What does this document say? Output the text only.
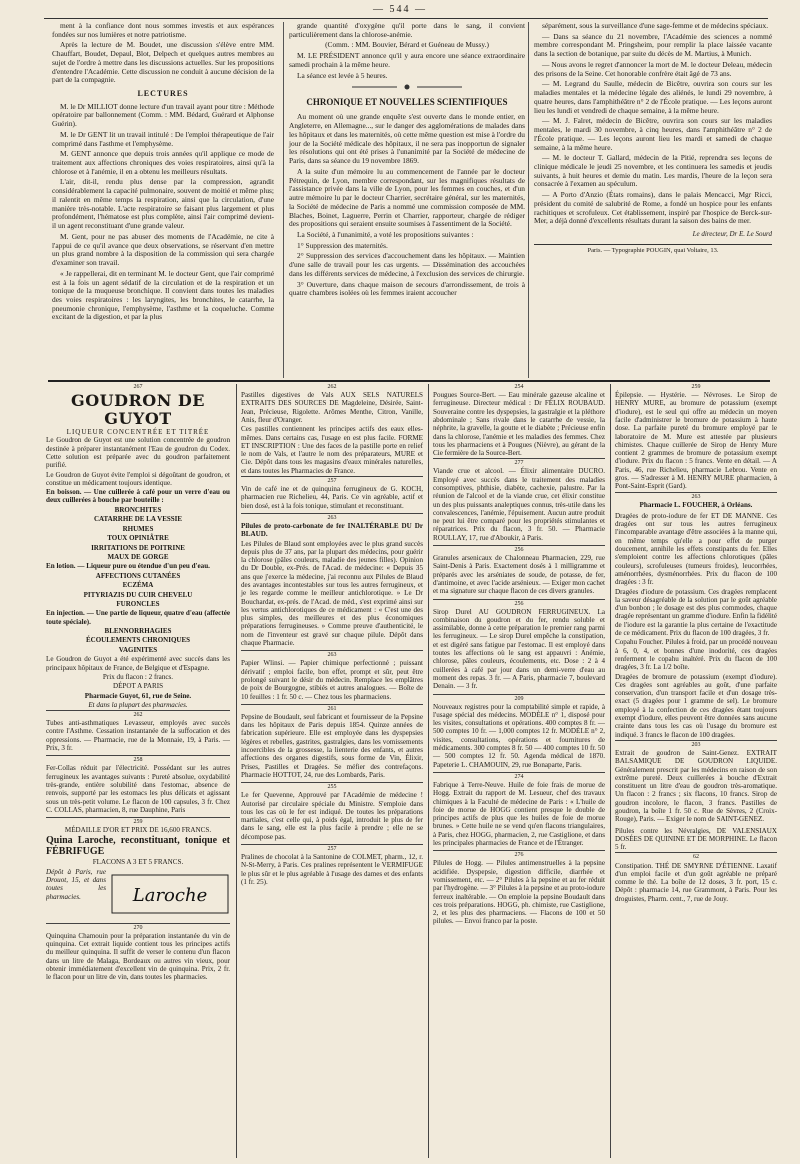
— 544 —

ment à la confiance dont nous sommes investis et aux espérances fondées sur nos lumières et notre patriotisme.

Après la lecture de M. Boudet, une discussion s'élève entre MM. Chauffart, Boudet, Depaul, Blot, Delpech et quelques autres membres au sujet de l'ordre à mettre dans les discussions actuelles. Sur les propositions d'entendre l'Académie. Cette discussion ne conduit à aucune décision de la part de la compagnie.

LECTURES

M. le Dr MILLIOT donne lecture d'un travail ayant pour titre : Méthode opératoire par ballonnement (Comm. : MM. Bédard, Guérard et Alphonse Guérin).

M. le Dr GENT lit un travail intitulé : De l'emploi thérapeutique de l'air comprimé dans l'asthme et l'emphysème.

M. GENT annonce que depuis trois années qu'il applique ce mode de traitement aux affections chroniques des voies respiratoires, ainsi qu'à la chlorose et à l'anémie, il en a obtenu les meilleurs résultats.

L'air, dit-il, rendu plus dense par la compression, agrandit considérablement la capacité pulmonaire, souvent de moitié et même plus; il ralentit en même temps la respiration, ainsi que la circulation, d'une manière très-notable. L'acte respiratoire se faisant plus largement et plus profondément, l'hématose est plus complète, ainsi l'air comprimé devient-il un agent reconstituant d'une grande valeur.

M. Gent, pour ne pas abuser des moments de l'Académie, ne cite à l'appui de ce qu'il avance que deux observations, se réservant d'en mettre un plus grand nombre à la disposition de la commission qui sera chargée d'examiner son travail.

« Je rappellerai, dit en terminant M. le docteur Gent, que l'air comprimé est à la fois un agent sédatif de la circulation et de la respiration et un tonique de la muqueuse bronchique. Il convient dans toutes les maladies des voies respiratoires : les laryngites, les bronchites, le catarrhe, la pneumonie chronique, l'emphysème, l'asthme et la coqueluche. Comme excitant de la digestion, et par la plus

grande quantité d'oxygène qu'il porte dans le sang, il convient particulièrement dans la chlorose-anémie.

(Comm. : MM. Bouvier, Bérard et Guéneau de Mussy.)

M. LE PRÉSIDENT annonce qu'il y aura encore une séance extraordinaire samedi prochain à la même heure.

La séance est levée à 5 heures.

CHRONIQUE ET NOUVELLES SCIENTIFIQUES

Au moment où une grande enquête s'est ouverte dans le monde entier, en Angleterre, en Allemagne..., sur le danger des agglomérations de malades dans les hôpitaux et dans les maternités, où cette même question est mise à l'ordre du jour de la Société médicale des hôpitaux, il ne sera pas inopportun de signaler les résolutions qui ont été prises à l'unanimité par la Société de médecine de Paris, dans sa séance du 19 novembre 1869.

A la suite d'un mémoire lu au commencement de l'année par le docteur Pétrequin, de Lyon, membre correspondant, sur les magnifiques résultats de l'assistance privée dans la ville de Lyon, pour les femmes en couches, et d'un autre mémoire lu par le docteur Charrier, secrétaire général, sur les maternités, la Société de médecine de Paris a nommé une commission composée de MM. Blaches, Boinet, Laguerre, Perrin et Charrier, rapporteur, chargée de rédiger des propositions qui seraient ensuite soumises à l'assentiment de la Société.

La Société, à l'unanimité, a voté les propositions suivantes :

1° Suppression des maternités.

2° Suppression des services d'accouchement dans les hôpitaux. — Maintien d'une salle de travail pour les cas urgents. — Dissémination des accouchées dans les différents services de médecine, à l'exclusion des services de chirurgie.

3° Ouverture, dans chaque maison de secours d'arrondissement, de trois à quatre chambres isolées où les femmes iraient accoucher

séparément, sous la surveillance d'une sage-femme et de médecins spéciaux.

— Dans sa séance du 21 novembre, l'Académie des sciences a nommé membre correspondant M. Pringsheim, pour remplir la place laissée vacante dans la section de botanique, par suite du décès de M. Martius, à Munich.

— Nous avons le regret d'annoncer la mort de M. le docteur Deleau, médecin des prisons de la Seine. Cet honorable confrère était âgé de 73 ans.

— M. Legrand du Saulle, médecin de Bicêtre, ouvrira son cours sur les maladies mentales et la médecine légale des aliénés, le lundi 29 novembre, à quatre heures, dans l'amphithéâtre n° 2 de l'École pratique. — Les leçons auront lieu les lundi et vendredi de chaque semaine, à la même heure.

— M. J. Falret, médecin de Bicêtre, ouvrira son cours sur les maladies mentales, le mardi 30 novembre, à cinq heures, dans l'amphithéâtre n° 2 de l'École pratique. — Les leçons auront lieu les mardi et samedi de chaque semaine, à la même heure.

— M. le docteur T. Gallard, médecin de la Pitié, reprendra ses leçons de clinique médicale le jeudi 25 novembre, et les continuera les samedis et jeudis suivants, à huit heures et demie du matin. Les mardis, l'heure de la leçon sera consacrée à l'examen au spéculum.

— A Porto d'Anzio (États romains), dans le palais Mencacci, Mgr Ricci, président du comité de salubrité de Rome, a fondé un hospice pour les enfants rachitiques et scrofuleux. Cet établissement, inspiré par l'hospice de Berck-sur-Mer, a déjà donné d'excellents résultats durant la saison des bains de mer.

Le directeur, Dr E. Le Sourd
Paris. — Typographie POUGIN, quai Voltaire, 13.
267
GOUDRON DE GUYOT
LIQUEUR CONCENTRÉE ET TITRÉE

Le Goudron de Guyot est une solution concentrée de goudron destinée à préparer instantanément l'Eau de goudron du Codex. Cette solution est préparée avec du goudron parfaitement purifié.

Le Goudron de Guyot évite l'emploi si dégoûtant de goudron, et constitue un médicament toujours identique.

En boisson. — Une cuillerée à café pour un verre d'eau ou deux cuillerées à bouche par bouteille :

BRONCHITES
CATARRHE DE LA VESSIE
RHUMES
TOUX OPINIÂTRE
IRRITATIONS DE POITRINE
MAUX DE GORGE

En lotion. — Liqueur pure ou étendue d'un peu d'eau.

AFFECTIONS CUTANÉES
ECZÉMA
PITYRIAZIS DU CUIR CHEVELU
FURONCLES

En injection. — Une partie de liqueur, quatre d'eau (affectée toute spéciale).

BLENNORRHAGIES
ÉCOULEMENTS CHRONIQUES
VAGINITES

Le Goudron de Guyot a été expérimenté avec succès dans les principaux hôpitaux de France, de Belgique et d'Espagne.

Prix du flacon : 2 francs.

DÉPOT A PARIS

Pharmacie Guyot, 61, rue de Seine.

Et dans la plupart des pharmacies.

262

Tubes anti-asthmatiques Levasseur, employés avec succès contre l'Asthme. Cessation instantanée de la suffocation et des oppressions. — Pharmacie, rue de la Monnaie, 19, à Paris. — Prix, 3 fr.

258

Fer-Collas réduit par l'électricité. Possédant sur les autres ferrugineux les avantages suivants : Pureté absolue, oxydabilité très-grande, entière solubilité dans l'estomac, absence de renvois, supporté par les estomacs les plus délicats et agissant sous un très-petit volume. Le flacon de 100 capsules, 3 fr. Chez C. COLLAS, pharmacien, 8, rue Dauphine, Paris

259

MÉDAILLE D'OR ET PRIX DE 16,600 FRANCS.

Quina Laroche, reconstituant, tonique et FÉBRIFUGE

FLACONS A 3 ET 5 FRANCS.

Dépôt à Paris, rue Drouot, 15, et dans toutes les pharmacies.	Laroche
270

Quinquina Chamouin pour la préparation instantanée du vin de quinquina. Cet extrait liquide contient tous les principes actifs du meilleur quinquina. Il suffit de verser le contenu d'un flacon dans un litre de Malaga, Bordeaux ou autres vin vieux, pour obtenir immédiatement d'excellent vin de quinquina. Prix, 2 fr. le flacon pour un litre de vin, dans toutes les pharmacies.

262

Pastilles digestives de Vals AUX SELS NATURELS EXTRAITS DES SOURCES DE Magdeleine, Désirée, Saint-Jean, Précieuse, Rigolette. Arômes Menthe, Citron, Vanille, Anis, fleur d'Oranger.

Ces pastilles contiennent les principes actifs des eaux elles-mêmes. Dans certains cas, l'usage en est plus facile. FORME ET INSCRIPTION : Une des faces de la pastille porte en relief le nom de Vals, et l'autre le nom des préparateurs, MURE et Cie. Dépôt dans tous les magasins d'eaux minérales naturelles, et dans toutes les Pharmacies de France.

257

Vin de café ine et de quinquina ferrugineux de G. KOCH, pharmacien rue Richelieu, 44, Paris. Ce vin agréable, actif et bien dosé, est à la fois tonique, stimulant et reconstituant.

263

Pilules de proto-carbonate de fer INALTÉRABLE DU Dr BLAUD.

Les Pilules de Blaud sont employées avec le plus grand succès depuis plus de 37 ans, par la plupart des médecins, pour guérir la chlorose (pâles couleurs, maladie des jeunes filles). Opinion du Dr Double, ex-Prés. de l'Acad. de médecine: « Depuis 35 ans que j'exerce la médecine, j'ai reconnu aux Pilules de Blaud des avantages incontestables sur tous les autres ferrugineux, et je les regarde comme le meilleur antichlorotique. » Le Dr Bouchardat, ex-prés. de l'Acad. de méd., s'est exprimé ainsi sur les vertus antichlorotiques de ce médicament : « C'est une des plus simples, des meilleures et des plus économiques préparations ferrugineuses. » Comme preuve d'authenticité, le nom de l'inventeur est gravé sur chaque pilule. Dépôt dans chaque Pharmacie.

263

Papier Wlinsi. — Papier chimique perfectionné ; puissant dérivatif ; emploi facile, bon effet, prompt et sûr, peut être prolongé suivant le désir du médecin. Remplace les emplâtres de poix de Bourgogne, stibiés et autres analogues. — Boîte de 10 feuilles : 1 fr. 50 c. — Chez tous les pharmaciens.

261

Pepsine de Boudault, seul fabricant et fournisseur de la Pepsine dans les hôpitaux de Paris depuis 1854. Quinze années de fabrication supérieure. Elle est employée dans les dyspepsies légères et rebelles, gastrites, gastralgies, dans les vomissements incoercibles de la grossesse, la lienterie des enfants, et autres affections des organes digestifs, sous forme de Vin, Élixir, Prises, Pastilles et Dragées. Se méfier des contrefaçons. Pharmacie HOTTOT, 24, rue des Lombards, Paris.

255

Le fer Quevenne, Approuvé par l'Académie de médecine ! Autorisé par circulaire spéciale du Ministre. S'emploie dans tous les cas où le fer est indiqué. De toutes les préparations martiales, c'est celle qui, à poids égal, introduit le plus de fer dans le sang, elle est la plus facile à prendre ; elle ne se décompose pas.

257

Pralines de chocolat à la Santonine de COLMET, pharm., 12, r. N-St-Merry, à Paris. Ces pralines représentent le VERMIFUGE le plus sûr et le plus agréable à l'usage des dames et des enfants (1 fr. 25).

254

Pougues Source-Bert. — Eau minérale gazeuse alcaline et ferrugineuse. Directeur médical : Dr FÉLIX ROUBAUD. Souveraine contre les dyspepsies, la gastralgie et la pléthore abdominale ; Sans rivale dans le catarrhe de vessie, la néphrite, la gravelle, la goutte et le diabète ; Précieuse enfin dans la chlorose, l'anémie et les maladies des femmes. Chez tous les pharmaciens et à Pougues (Nièvre), au gérant de la Cie fermière de la Source-Bert.

277

Viande crue et alcool. — Élixir alimentaire DUCRO. Employé avec succès dans le traitement des maladies consomptives, phthisie, diabète, cachexie, palustre. Par la réunion de l'alcool et de la viande crue, cet élixir constitue un des plus puissants analeptiques connus, très-utile dans les convalescences, l'anémie, l'épuisement. Aucun autre produit ne peut lui être comparé pour les propriétés stimulantes et réparatrices. Prix du flacon, 3 fr. 50. — Pharmacie ROULLAY, 17, rue d'Aboukir, à Paris.

256

Granules arsenicaux de Chalonneau Pharmacien, 229, rue Saint-Denis à Paris. Exactement dosés à 1 milligramme et préparés avec les arséniates de soude, de potasse, de fer, d'antimoine, et avec l'acide arsénieux. — Exiger mon cachet et ma signature sur chaque flacon de ces divers granules.

256

Sirop Durel AU GOUDRON FERRUGINEUX. La combinaison du goudron et du fer, rendu soluble et assimilable, donne à cette préparation le premier rang parmi les ferrugineux. — Le sirop Durel empêche la constipation, et est digéré sans fatigue par l'estomac. Il est employé dans toutes les affections où le sang est appauvri : Anémie, chlorose, pâles couleurs, écoulements, etc. Dose : 2 à 4 cuillerées à café par jour dans un demi-verre d'eau au moment des repas. 3 fr. — A Paris, pharmacie 7, boulevard Denain. — 3 fr.

209

Nouveaux registres pour la comptabilité simple et rapide, à l'usage spécial des médecins. MODÈLE n° 1, disposé pour les visites, consultations et opérations. 400 comptes 8 fr. — 500 comptes 10 fr. — 1,000 comptes 12 fr. MODÈLE n° 2, visites, consultations, opérations et fournitures de médicaments. 300 comptes 8 fr. 50 — 400 comptes 10 fr. 50 — 500 comptes 12 fr. 50. Agenda médical de 1870. Papeterie L. CHAMOUIN, 29, rue Bonaparte, Paris.

274

Fabrique à Terre-Neuve. Huile de foie frais de morue de Hogg. Extrait du rapport de M. Lesueur, chef des travaux chimiques à la Faculté de médecine de Paris : « L'huile de foie de morue de HOGG contient presque le double de principes actifs de plus que les huiles de foie de morue brunes. » Cette huile ne se vend qu'en flacons triangulaires, à Paris, chez HOGG, pharmacien, 2, rue Castiglione, et dans les principales pharmacies de France et de l'Étranger.

276

Pilules de Hogg. — Pilules antimenstruelles à la pepsine acidifiée. Dyspepsie, digestion difficile, diarrhée et vomissement, etc. — 2° Pilules à la pepsine et au fer réduit par l'hydrogène. — 3° Pilules à la pepsine et au proto-iodure ferreux inaltérable. — On emploie la pepsine Boudault dans ces trois préparations. HOGG, ph. chimiste, rue Castiglione, 2, et les plus des pharmaciens. — Flacons de 100 et 50 pilules. — Envoi franco par la poste.

259

Épilepsie. — Hystérie. — Névroses. Le Sirop de HENRY MURE, au bromure de potassium (exempt d'iodure), est le seul qui offre au médecin un moyen facile d'administrer le bromure de potassium à haute dose. La parfaite pureté du bromure employé par le laboratoire de M. Mure est attestée par plusieurs chimistes. Chaque cuillerée de Sirop de Henry Mure contient 2 grammes de bromure de potassium exempt d'iodure. Prix du flacon : 5 francs. Vente en détail. — A Paris, 46, rue Richelieu, pharmacie Lebrou. Vente en gros. — S'adresser à M. HENRY MURE pharmacien, à Pont-Saint-Esprit (Gard).

263

Pharmacie L. FOUCHER, à Orléans.

Dragées de proto-iodure de fer ET DE MANNE. Ces dragées ont sur tous les autres ferrugineux l'incomparable avantage d'être associées à la manne qui, en même temps qu'elle a pour effet de purger doucement, annihile les effets constipants du fer. Elles s'emploient contre les affections chlorotiques (pâles couleurs), scrofuleuses (tumeurs froides), leucorrhées, aménorrhées, dysménorrhées. Prix du flacon de 100 dragées : 3 fr.

Dragées d'iodure de potassium. Ces dragées remplacent la saveur désagréable de la solution par le goût agréable d'un bonbon ; le dosage est des plus commodes, chaque dragée représentant un gramme d'iodure. Enfin la fidélité de l'iodure est la garantie la plus certaine de l'exactitude de ce médicament. Prix du flacon de 100 dragées, 3 fr.

Copahu Foucher. Pilules à froid, par un procédé nouveau à 6, 0, 4, et bonnes d'une inodorité, ces dragées renferment le copahu inaltéré. Prix du flacon de 100 dragées, 3 fr. La 1/2 boîte.

Dragées de bromure de potassium (exempt d'iodure). Ces dragées sont agréables au goût, d'une parfaite conservation, d'un transport facile et d'un dosage très-exact (5 dragées pour 1 gramme de sel). Le bromure employé à la confection de ces dragées étant toujours exempt d'iodure, elles peuvent être données sans aucune crainte dans tous les cas où l'usage du bromure est indiqué. 3 francs le flacon de 100 dragées.

203

Extrait de goudron de Saint-Genez. EXTRAIT BALSAMIQUE DE GOUDRON LIQUIDE. Généralement prescrit par les médecins en raison de son extrême pureté. Deux cuillerées à bouche d'Extrait constituent un litre d'eau de goudron très-aromatique. Un flacon : 2 francs ; six flacons, 10 francs. Sirop de goudron incolore, le flacon, 3 francs. Pastilles de goudron, la boîte 1 fr. 50 c. Rue de Sèvres, 2 (Croix-Rouge), Paris. — Exiger le nom de SAINT-GENEZ.

Pilules contre les Névralgies, DE VALENSIAUX DOSÉES DE QUININE ET DE MORPHINE. Le flacon 5 fr.

62

Constipation. THÉ DE SMYRNE D'ÉTIENNE. Laxatif d'un emploi facile et d'un goût agréable ne préparé comme le thé. La boîte de 12 doses, 3 fr. port, 15 c. Dépôt : pharmacie 14, rue Grammont, à Paris. Pour les droguistes, Pharm. cent., 7, rue de Jouy.
